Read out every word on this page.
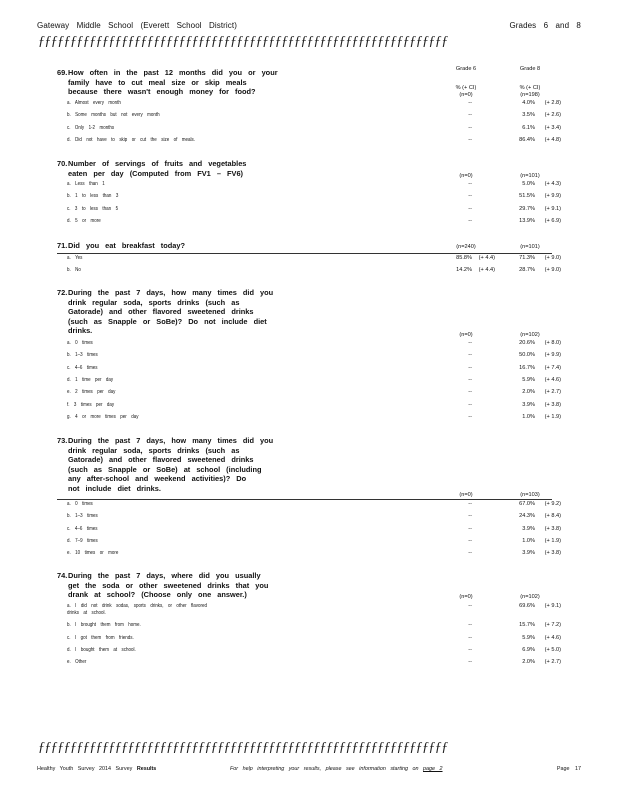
Gateway Middle School (Everett School District)	Grades 6 and 8
ƒƒƒƒƒƒƒƒƒƒƒƒƒƒƒƒƒƒƒƒƒƒƒƒƒƒƒƒƒƒƒƒƒƒƒƒƒƒƒƒƒƒƒƒƒƒƒƒƒƒƒƒƒƒƒƒƒƒƒƒƒƒƒƒ
Grade 6	Grade 8
% (+ CI)	% (+ CI)
69.How often in the past 12 months did you or your

family have to cut meal size or skip meals
because there wasn't enough money for food?	(n=0)	(n=198)
a. Almost every month	--	4.0%	(+ 2.8)
b. Some months but not every month	--	3.5%	(+ 2.6)
c. Only 1-2 months	--	6.1%	(+ 3.4)
d. Did not have to skip or cut the size of meals.	--	86.4%	(+ 4.8)
70.Number of servings of fruits and vegetables

eaten per day (Computed from FV1 – FV6)	(n=0)	(n=101)
a. Less than 1	--	5.0%	(+ 4.3)
b. 1 to less than 3	--	51.5%	(+ 9.9)
c. 3 to less than 5	--	29.7%	(+ 9.1)
d. 5 or more	--	13.9%	(+ 6.9)
71.Did you eat breakfast today?	(n=240)	(n=101)
a. Yes	85.8%	(+ 4.4)	71.3%	(+ 9.0)
b. No	14.2%	(+ 4.4)	28.7%	(+ 9.0)
72.During the past 7 days, how many times did you

drink regular soda, sports drinks (such as
Gatorade) and other flavored sweetened drinks
(such as Snapple or SoBe)? Do not include diet
drinks.	(n=0)	(n=102)
a. 0 times	--	20.6%	(+ 8.0)
b. 1–3 times	--	50.0%	(+ 9.9)
c. 4–6 times	--	16.7%	(+ 7.4)
d. 1 time per day	--	5.9%	(+ 4.6)
e. 2 times per day	--	2.0%	(+ 2.7)
f. 3 times per day	--	3.9%	(+ 3.8)
g. 4 or more times per day	--	1.0%	(+ 1.9)
73.During the past 7 days, how many times did you

drink regular soda, sports drinks (such as
Gatorade) and other flavored sweetened drinks
(such as Snapple or SoBe) at school (including
any after-school and weekend activities)? Do
not include diet drinks.
(n=0)	(n=103)
a. 0 times	--	67.0%	(+ 9.2)
b. 1–3 times	--	24.3%	(+ 8.4)
c. 4–6 times	--	3.9%	(+ 3.8)
d. 7–9 times	--	1.0%	(+ 1.9)
e. 10 times or more	--	3.9%	(+ 3.8)
74.During the past 7 days, where did you usually

get the soda or other sweetened drinks that you
drank at school? (Choose only one answer.)	(n=0)	(n=102)
a. I did not drink sodas, sports drinks, or other flavored	--	69.6%	(+ 9.1)
drinks at school.
b. I brought them from home.	--	15.7%	(+ 7.2)
c. I got them from friends.	--	5.9%	(+ 4.6)
d. I bought them at school.	--	6.9%	(+ 5.0)
e. Other	--	2.0%	(+ 2.7)
ƒƒƒƒƒƒƒƒƒƒƒƒƒƒƒƒƒƒƒƒƒƒƒƒƒƒƒƒƒƒƒƒƒƒƒƒƒƒƒƒƒƒƒƒƒƒƒƒƒƒƒƒƒƒƒƒƒƒƒƒƒƒƒƒ
Healthy Youth Survey 2014 Survey Results	For help interpreting your results, please see information starting on page 2	Page 17
